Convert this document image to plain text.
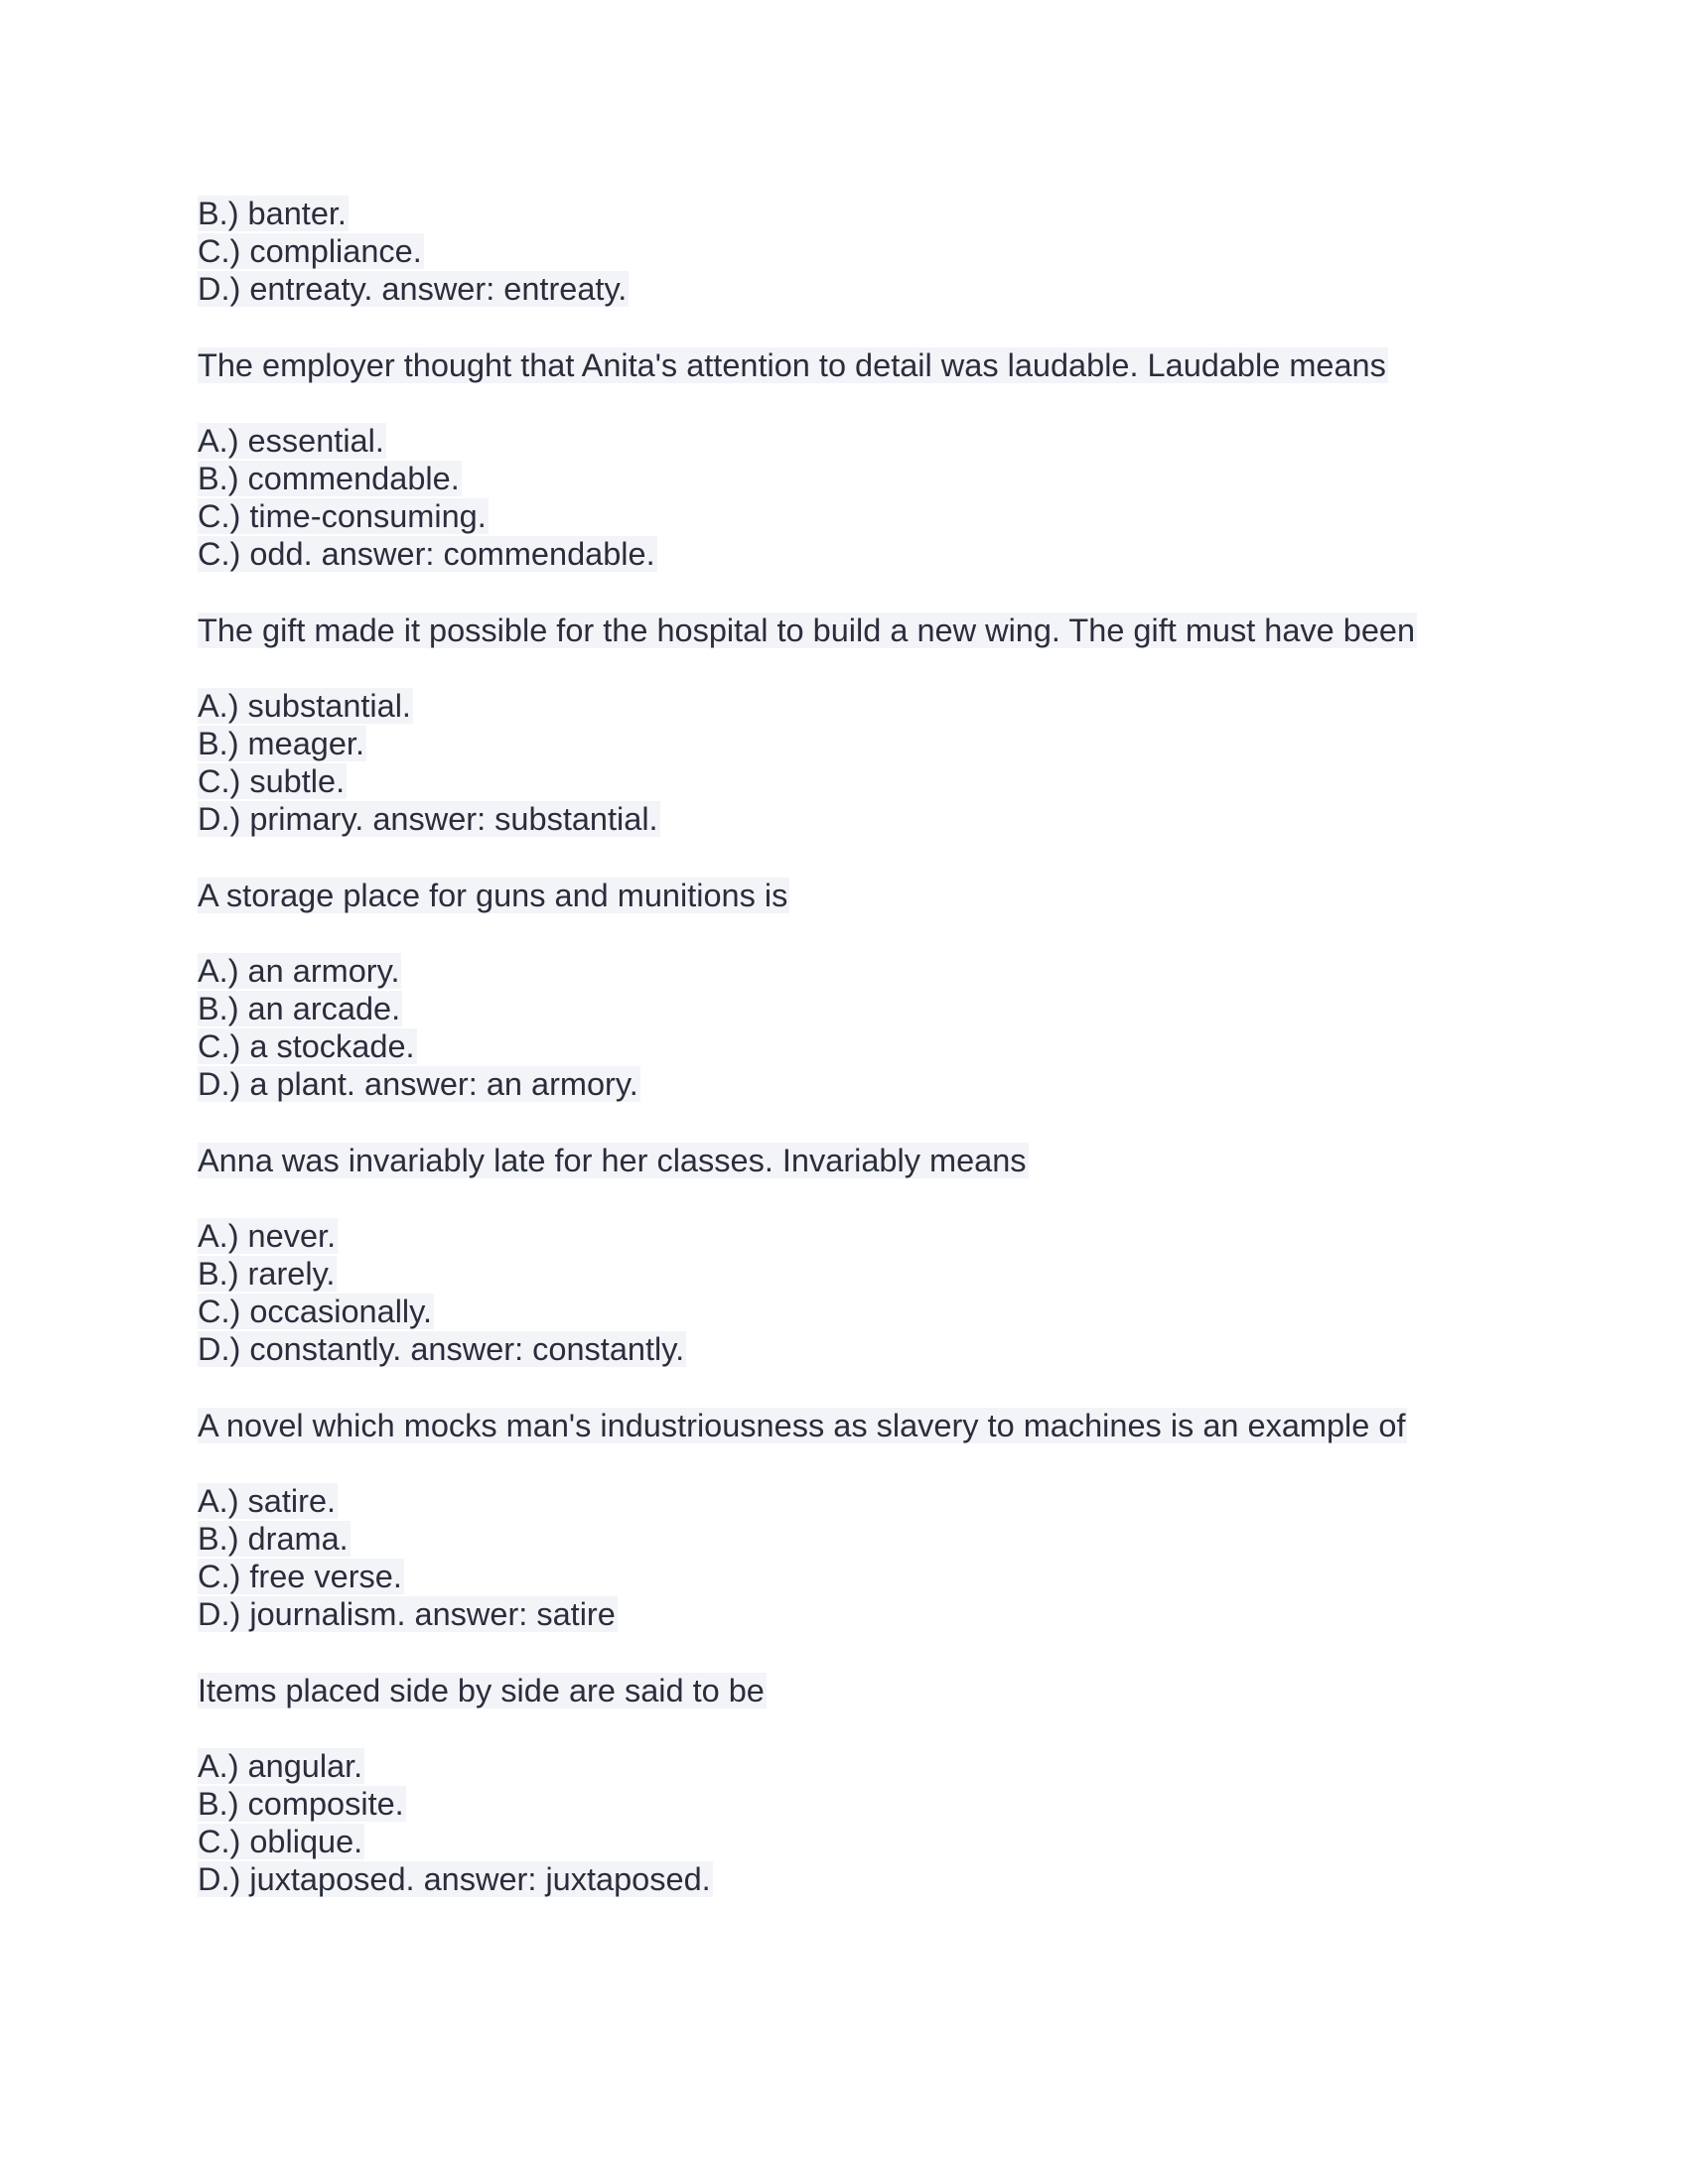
B.) banter.
C.) compliance.
D.) entreaty. answer: entreaty.
The employer thought that Anita's attention to detail was laudable. Laudable means
A.) essential.
B.) commendable.
C.) time-consuming.
C.) odd. answer: commendable.
The gift made it possible for the hospital to build a new wing. The gift must have been
A.) substantial.
B.) meager.
C.) subtle.
D.) primary. answer: substantial.
A storage place for guns and munitions is
A.) an armory.
B.) an arcade.
C.) a stockade.
D.) a plant. answer: an armory.
Anna was invariably late for her classes. Invariably means
A.) never.
B.) rarely.
C.) occasionally.
D.) constantly. answer: constantly.
A novel which mocks man's industriousness as slavery to machines is an example of
A.) satire.
B.) drama.
C.) free verse.
D.) journalism. answer: satire
Items placed side by side are said to be
A.) angular.
B.) composite.
C.) oblique.
D.) juxtaposed. answer: juxtaposed.
